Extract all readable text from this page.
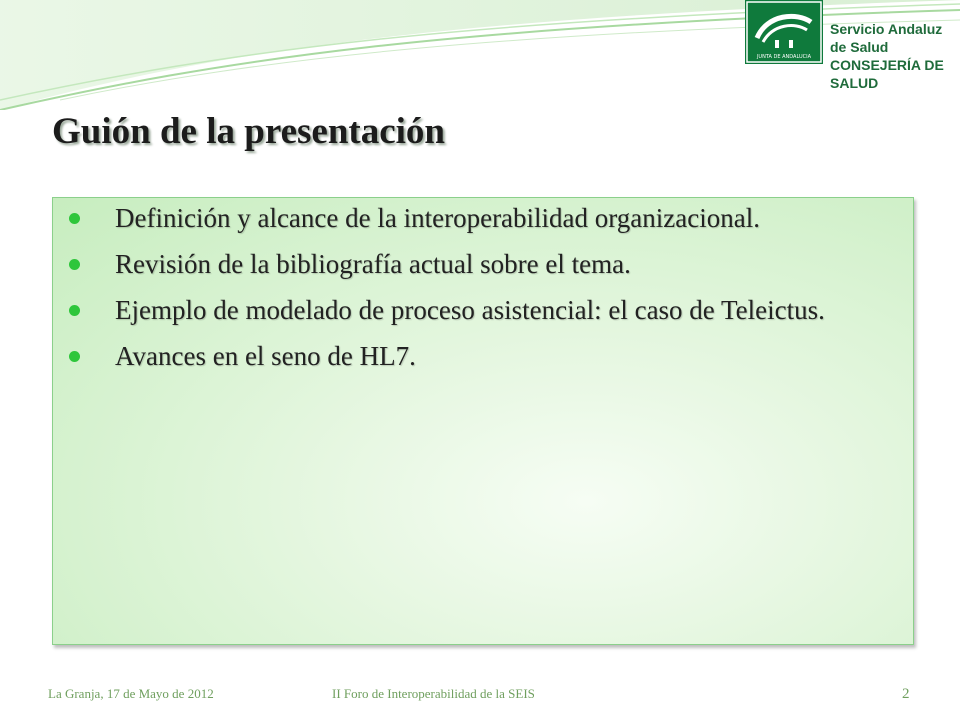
JUNTA DE ANDALUCIA
Servicio Andaluz de Salud
CONSEJERÍA DE SALUD
Guión de la presentación
Definición y alcance de la interoperabilidad organizacional.
Revisión de la bibliografía actual sobre el tema.
Ejemplo de modelado de proceso asistencial: el caso de Teleictus.
Avances en el seno de HL7.
La Granja, 17 de Mayo de 2012	II Foro de Interoperabilidad de la SEIS	2
